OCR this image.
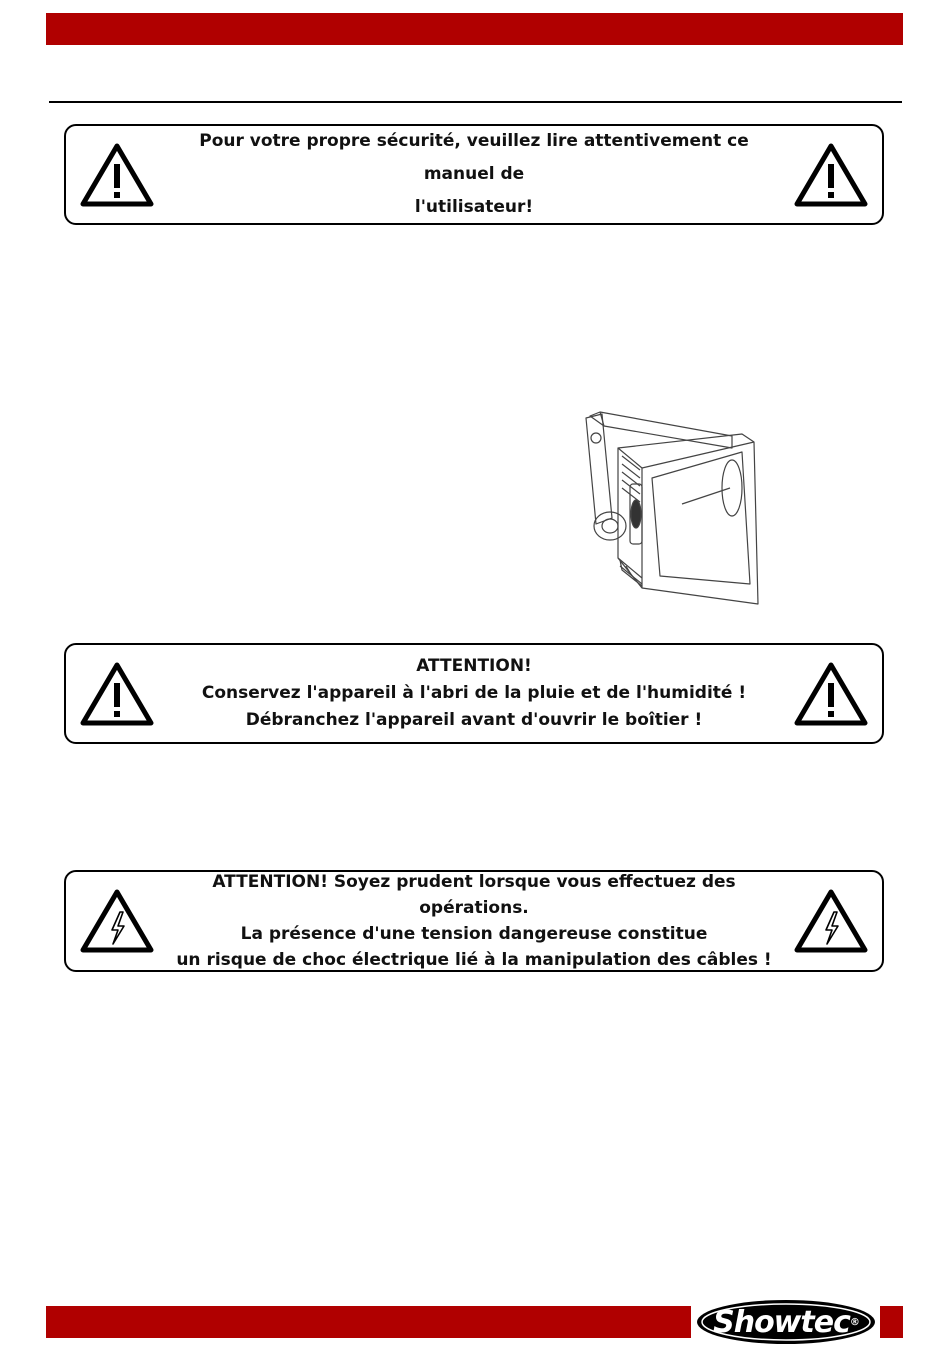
Pour votre propre sécurité, veuillez lire attentivement ce manuel de
l'utilisateur!
ATTENTION!
Conservez l'appareil à l'abri de la pluie et de l'humidité !
Débranchez l'appareil avant d'ouvrir le boîtier !
ATTENTION! Soyez prudent lorsque vous effectuez des opérations.
La présence d'une tension dangereuse constitue
un risque de choc électrique lié à la manipulation des câbles !
Showtec ®
